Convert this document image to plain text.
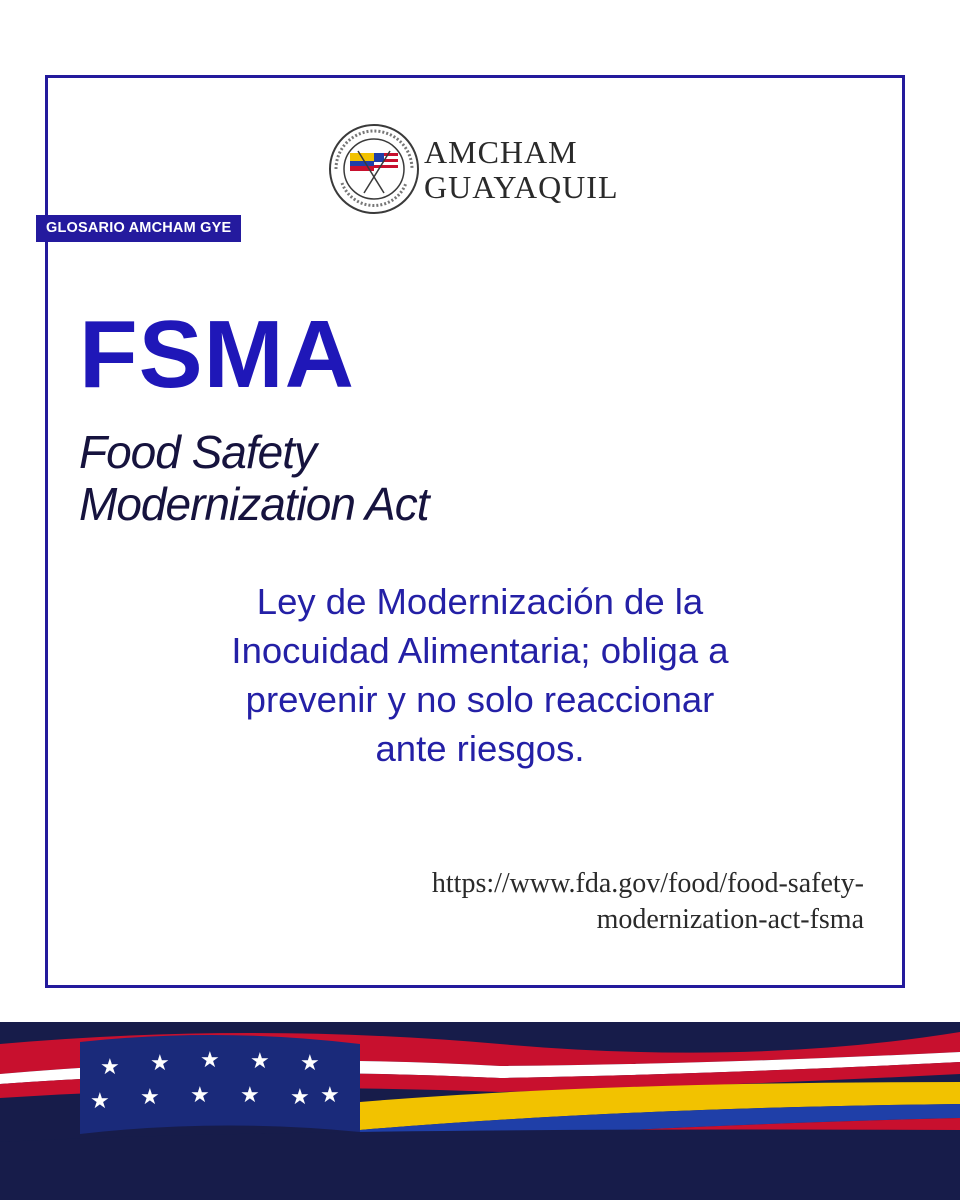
AMCHAM
GUAYAQUIL
GLOSARIO AMCHAM GYE
FSMA
Food Safety
Modernization Act
Ley de Modernización de la
Inocuidad Alimentaria; obliga a
prevenir y no solo reaccionar
ante riesgos.
https://www.fda.gov/food/food-safety-
modernization-act-fsma
★ ★ ★ ★ ★
★ ★ ★ ★ ★ ★
